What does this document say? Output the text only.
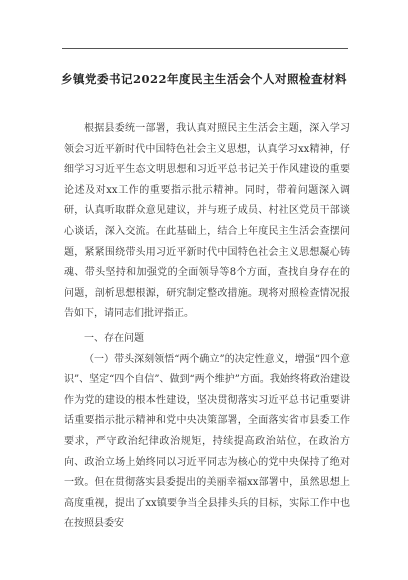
乡镇党委书记2022年度民主生活会个人对照检查材料

根据县委统一部署，我认真对照民主生活会主题，深入学习领会习近平新时代中国特色社会主义思想，认真学习xx精神，仔细学习习近平生态文明思想和习近平总书记关于作风建设的重要论述及对xx工作的重要指示批示精神。同时，带着问题深入调研，认真听取群众意见建议，并与班子成员、村社区党员干部谈心谈话，深入交流。在此基础上，结合上年度民主生活会查摆问题，紧紧围绕带头用习近平新时代中国特色社会主义思想凝心铸魂、带头坚持和加强党的全面领导等8个方面，查找自身存在的问题，剖析思想根源，研究制定整改措施。现将对照检查情况报告如下，请同志们批评指正。

一、存在问题

（一）带头深刻领悟“两个确立”的决定性意义，增强“四个意识”、坚定“四个自信”、做到“两个维护”方面。我始终将政治建设作为党的建设的根本性建设，坚决贯彻落实习近平总书记重要讲话重要指示批示精神和党中央决策部署，全面落实省市县委工作要求，严守政治纪律政治规矩，持续提高政治站位，在政治方向、政治立场上始终同以习近平同志为核心的党中央保持了绝对一致。但在贯彻落实县委提出的美丽幸福xx部署中，虽然思想上高度重视，提出了xx镇要争当全县排头兵的目标，实际工作中也在按照县委安
